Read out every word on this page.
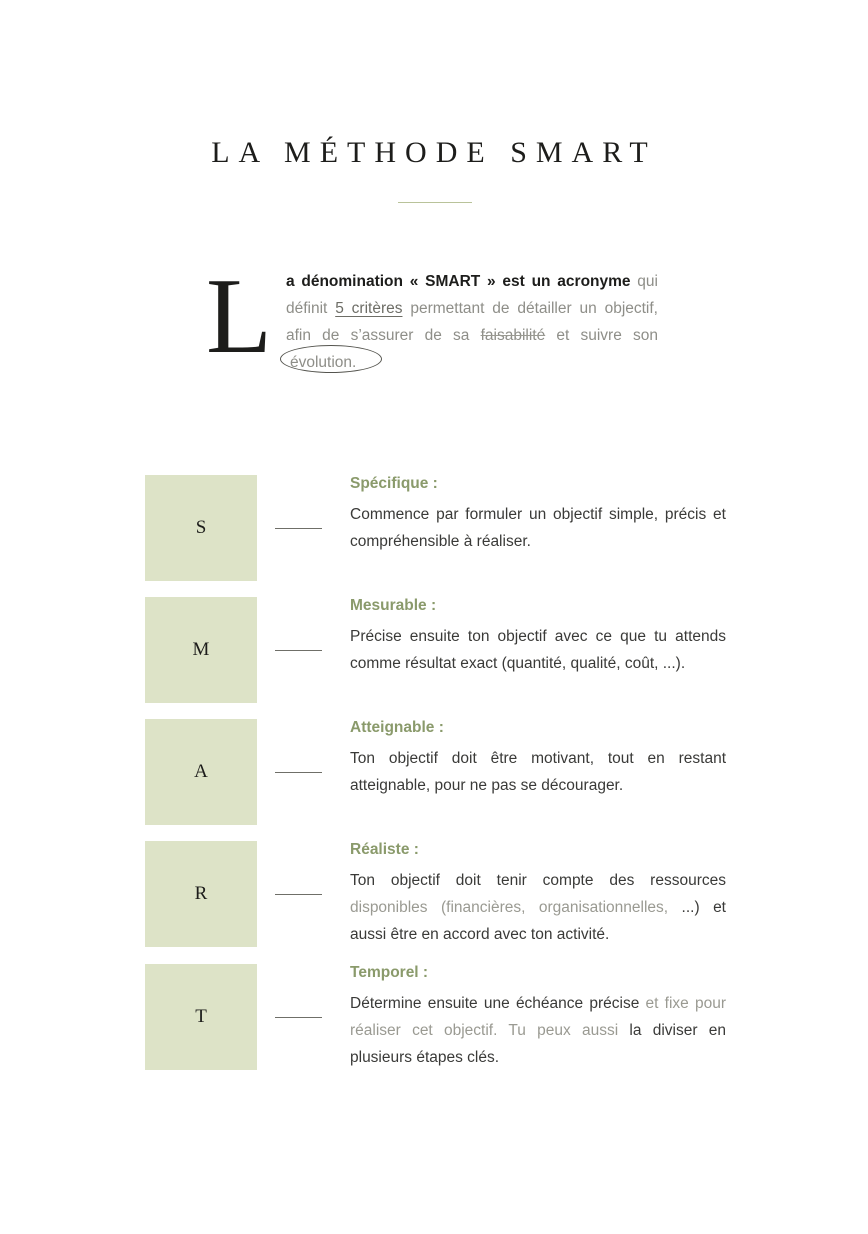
LA MÉTHODE SMART
L a dénomination « SMART » est un acronyme qui définit 5 critères permettant de détailler un objectif, afin de s’assurer de sa faisabilité et suivre son
évolution.
S
Spécifique :
Commence par formuler un objectif simple, précis et compréhensible à réaliser.
M
Mesurable :
Précise ensuite ton objectif avec ce que tu attends comme résultat exact (quantité, qualité, coût, ...).
A
Atteignable :
Ton objectif doit être motivant, tout en restant atteignable, pour ne pas se décourager.
R
Réaliste :
Ton objectif doit tenir compte des ressources disponibles (financières, organisationnelles, ...) et aussi être en accord avec ton activité.
T
Temporel :
Détermine ensuite une échéance précise et fixe pour réaliser cet objectif. Tu peux aussi la diviser en plusieurs étapes clés.
